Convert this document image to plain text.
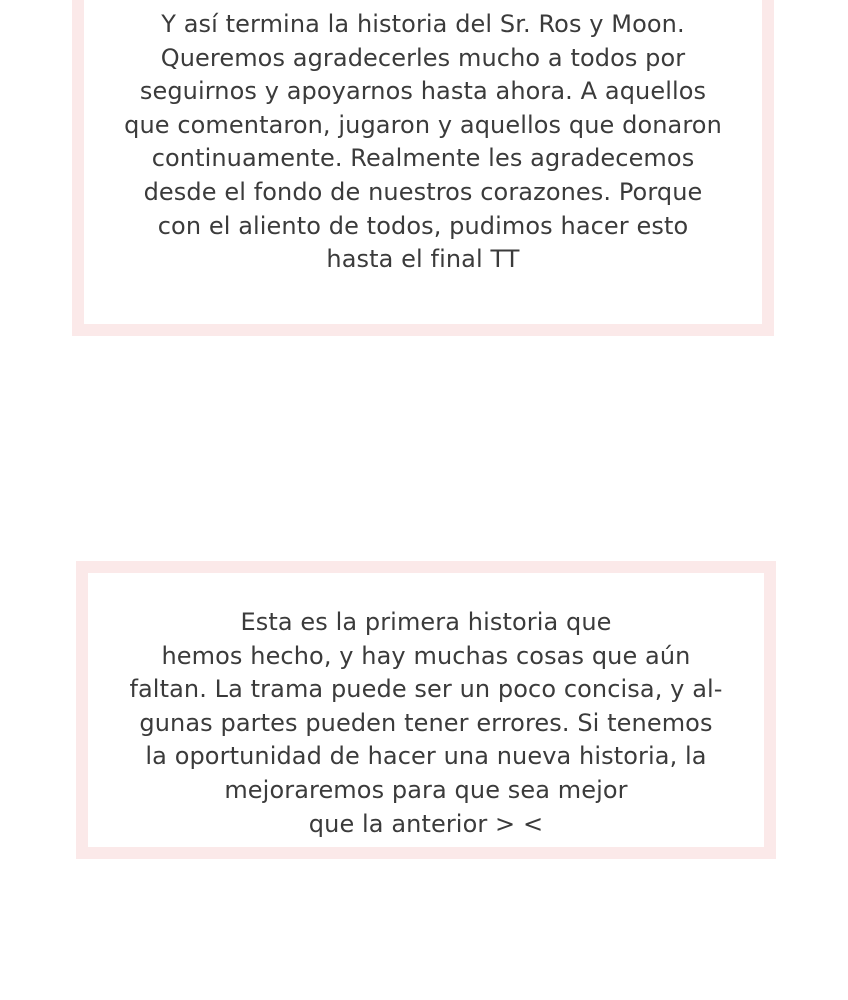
Y así termina la historia del Sr. Ros y Moon.
Queremos agradecerles mucho a todos por
seguirnos y apoyarnos hasta ahora. A aquellos
que comentaron, jugaron y aquellos que donaron
continuamente. Realmente les agradecemos
desde el fondo de nuestros corazones. Porque
con el aliento de todos, pudimos hacer esto
hasta el final TT

Esta es la primera historia que
hemos hecho, y hay muchas cosas que aún
faltan. La trama puede ser un poco concisa, y al-
gunas partes pueden tener errores. Si tenemos
la oportunidad de hacer una nueva historia, la
mejoraremos para que sea mejor
que la anterior > <
